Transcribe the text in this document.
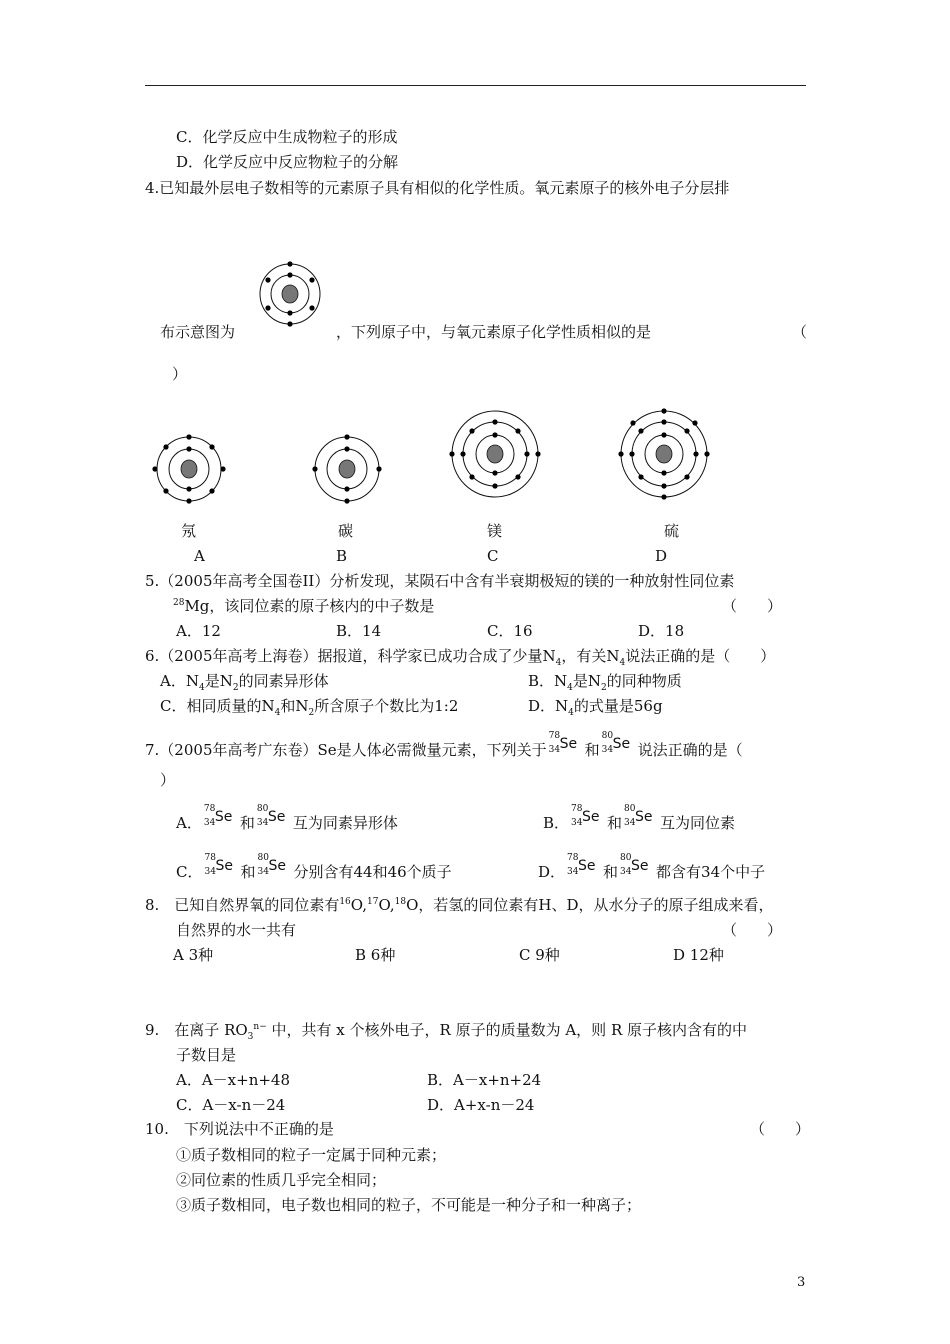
C．化学反应中生成物粒子的形成
D．化学反应中反应物粒子的分解
4.已知最外层电子数相等的元素原子具有相似的化学性质。氧元素原子的核外电子分层排
布示意图为	，下列原子中，与氧元素原子化学性质相似的是	（
）
氖	碳	镁	硫
A	B	C	D
5.（2005年高考全国卷II）分析发现，某陨石中含有半衰期极短的镁的一种放射性同位素
$^{28}$Mg，该同位素的原子核内的中子数是	（　　）
A．12	B．14	C．16	D．18
6.（2005年高考上海卷）据报道，科学家已成功合成了少量$N_4$，有关$N_4$说法正确的是（　　）
A．$N_4$是$N_2$的同素异形体	B．$N_4$是$N_2$的同种物质
C．相同质量的$N_4$和$N_2$所含原子个数比为1:2	D．$N_4$的式量是56g
7.（2005年高考广东卷）Se是人体必需微量元素，下列关于
78
34 Se 和
80
34 Se 说法正确的是（
）
A．
78
34 Se 和
80
34 Se 互为同素异形体	B．
78
34 Se 和
80
34 Se 互为同位素
C．
78
34 Se 和
80
34 Se 分别含有44和46个质子	D．
78
34 Se 和
80
34 Se 都含有34个中子
8.　已知自然界氧的同位素有$^{16}$O,$^{17}$O,$^{18}$O，若氢的同位素有H、D，从水分子的原子组成来看，
自然界的水一共有	（　　）
A 3种	B 6种	C 9种	D 12种
9.　在离子 $RO_3^{n-}$ 中，共有 x 个核外电子，R 原子的质量数为 A，则 R 原子核内含有的中
子数目是
A．A－x+n+48	B．A－x+n+24
C．A－x-n－24	D．A+x-n－24
10.　下列说法中不正确的是	（　　）
①质子数相同的粒子一定属于同种元素；
②同位素的性质几乎完全相同；
③质子数相同，电子数也相同的粒子，不可能是一种分子和一种离子；
3
